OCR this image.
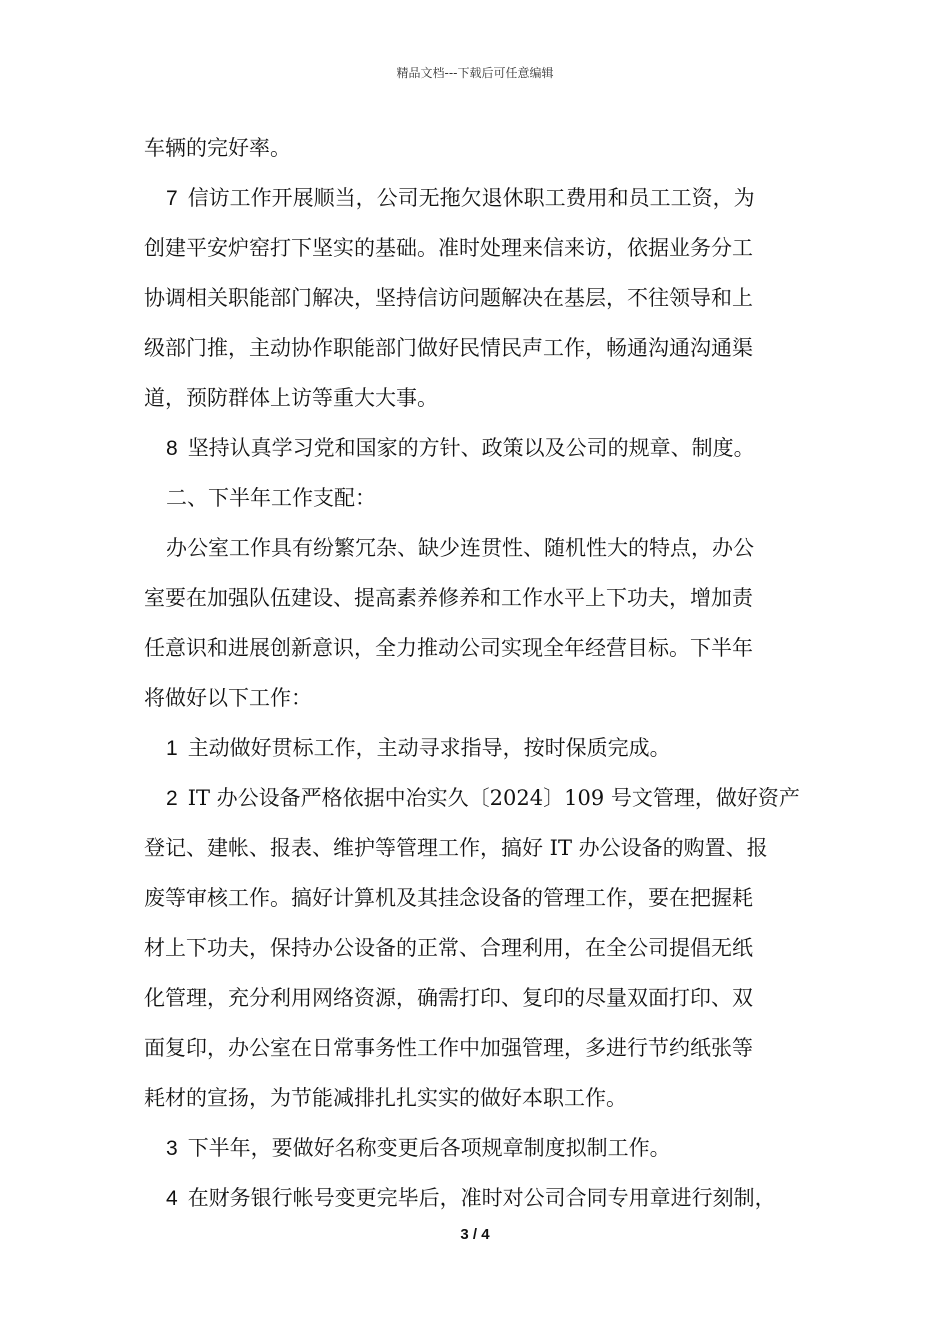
精品文档---下载后可任意编辑
车辆的完好率。
7 信访工作开展顺当，公司无拖欠退休职工费用和员工工资，为
创建平安炉窑打下坚实的基础。准时处理来信来访，依据业务分工
协调相关职能部门解决，坚持信访问题解决在基层，不往领导和上
级部门推，主动协作职能部门做好民情民声工作，畅通沟通沟通渠
道，预防群体上访等重大大事。
8 坚持认真学习党和国家的方针、政策以及公司的规章、制度。
二、下半年工作支配：
办公室工作具有纷繁冗杂、缺少连贯性、随机性大的特点，办公
室要在加强队伍建设、提高素养修养和工作水平上下功夫，增加责
任意识和进展创新意识，全力推动公司实现全年经营目标。下半年
将做好以下工作：
1 主动做好贯标工作，主动寻求指导，按时保质完成。
2 IT 办公设备严格依据中冶实久〔2024〕109 号文管理，做好资产
登记、建帐、报表、维护等管理工作，搞好 IT 办公设备的购置、报
废等审核工作。搞好计算机及其挂念设备的管理工作，要在把握耗
材上下功夫，保持办公设备的正常、合理利用，在全公司提倡无纸
化管理，充分利用网络资源，确需打印、复印的尽量双面打印、双
面复印，办公室在日常事务性工作中加强管理，多进行节约纸张等
耗材的宣扬，为节能减排扎扎实实的做好本职工作。
3 下半年，要做好名称变更后各项规章制度拟制工作。
4 在财务银行帐号变更完毕后，准时对公司合同专用章进行刻制，
3 / 4
